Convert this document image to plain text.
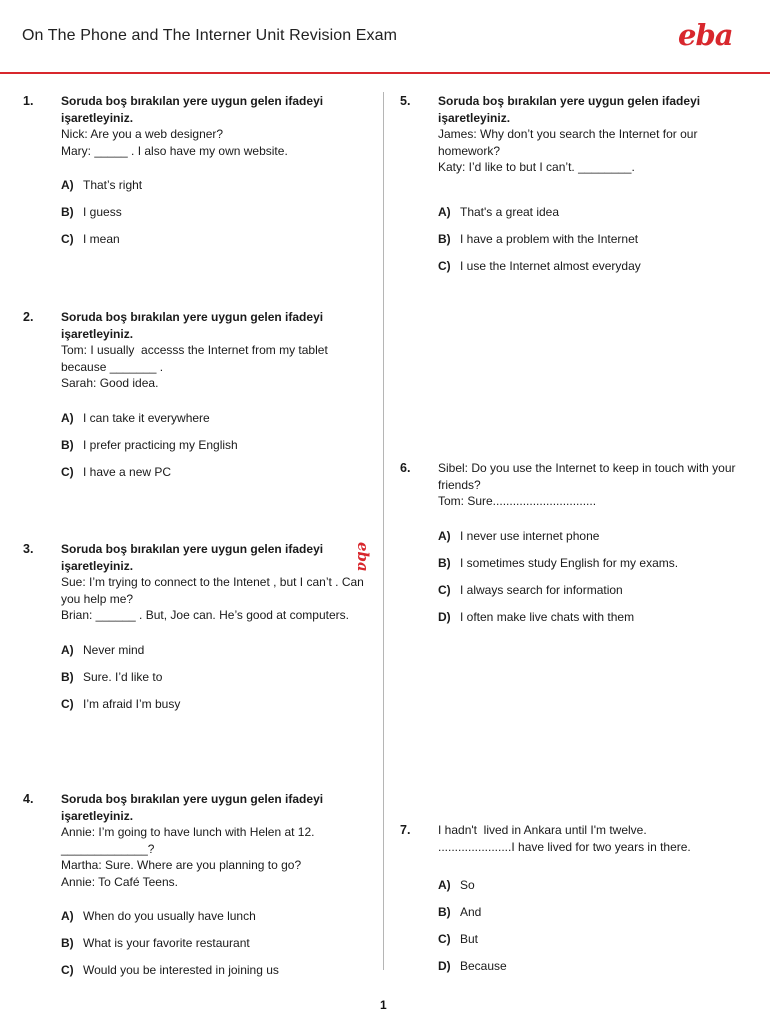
On The Phone and The Interner Unit Revision Exam	eba
eba
1. Soruda boş bırakılan yere uygun gelen ifadeyi işaretleyiniz.
Nick: Are you a web designer?
Mary: _____ . I also have my own website.
A) That’s right
B) I guess
C) I mean
2. Soruda boş bırakılan yere uygun gelen ifadeyi işaretleyiniz.
Tom: I usually  accesss the Internet from my tablet because _______ .
Sarah: Good idea.
A) I can take it everywhere
B) I prefer practicing my English
C) I have a new PC
3. Soruda boş bırakılan yere uygun gelen ifadeyi işaretleyiniz.
Sue: I’m trying to connect to the Intenet , but I can’t . Can you help me?
Brian: ______ . But, Joe can. He’s good at computers.
A) Never mind
B) Sure. I’d like to
C) I’m afraid I’m busy
4. Soruda boş bırakılan yere uygun gelen ifadeyi işaretleyiniz.
Annie: I’m going to have lunch with Helen at 12.
_____________?
Martha: Sure. Where are you planning to go?
Annie: To Café Teens.
A) When do you usually have lunch
B) What is your favorite restaurant
C) Would you be interested in joining us
5. Soruda boş bırakılan yere uygun gelen ifadeyi işaretleyiniz.
James: Why don’t you search the Internet for our homework?
Katy: I’d like to but I can’t. ________.
A) That's a great idea
B) I have a problem with the Internet
C) I use the Internet almost everyday
6. Sibel: Do you use the Internet to keep in touch with your friends?
Tom: Sure...............................
A) I never use internet phone
B) I sometimes study English for my exams.
C) I always search for information
D) I often make live chats with them
7. I hadn't  lived in Ankara until I'm twelve.
......................I have lived for two years in there.
A) So
B) And
C) But
D) Because
1
